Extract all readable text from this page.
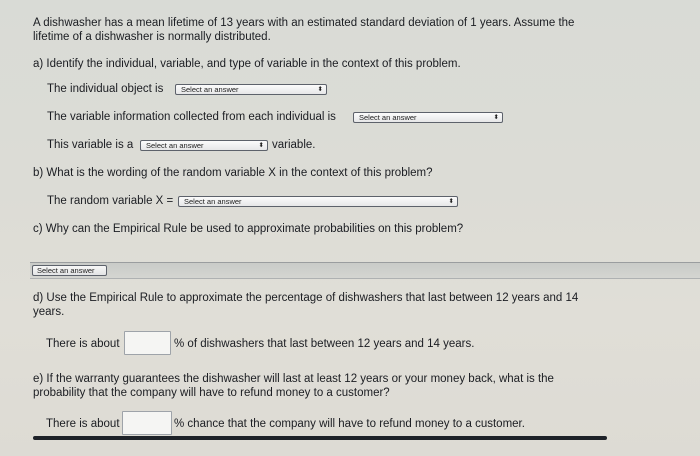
A dishwasher has a mean lifetime of 13 years with an estimated standard deviation of 1 years. Assume the lifetime of a dishwasher is normally distributed.
a) Identify the individual, variable, and type of variable in the context of this problem.
The individual object is	Select an answer	⬍
The variable information collected from each individual is	Select an answer	⬍
This variable is a	Select an answer	⬍ variable.
b) What is the wording of the random variable X in the context of this problem?
The random variable X =	Select an answer	⬍
c) Why can the Empirical Rule be used to approximate probabilities on this problem?
Select an answer
d) Use the Empirical Rule to approximate the percentage of dishwashers that last between 12 years and 14 years.
There is about	% of dishwashers that last between 12 years and 14 years.
e) If the warranty guarantees the dishwasher will last at least 12 years or your money back, what is the probability that the company will have to refund money to a customer?
There is about	% chance that the company will have to refund money to a customer.
